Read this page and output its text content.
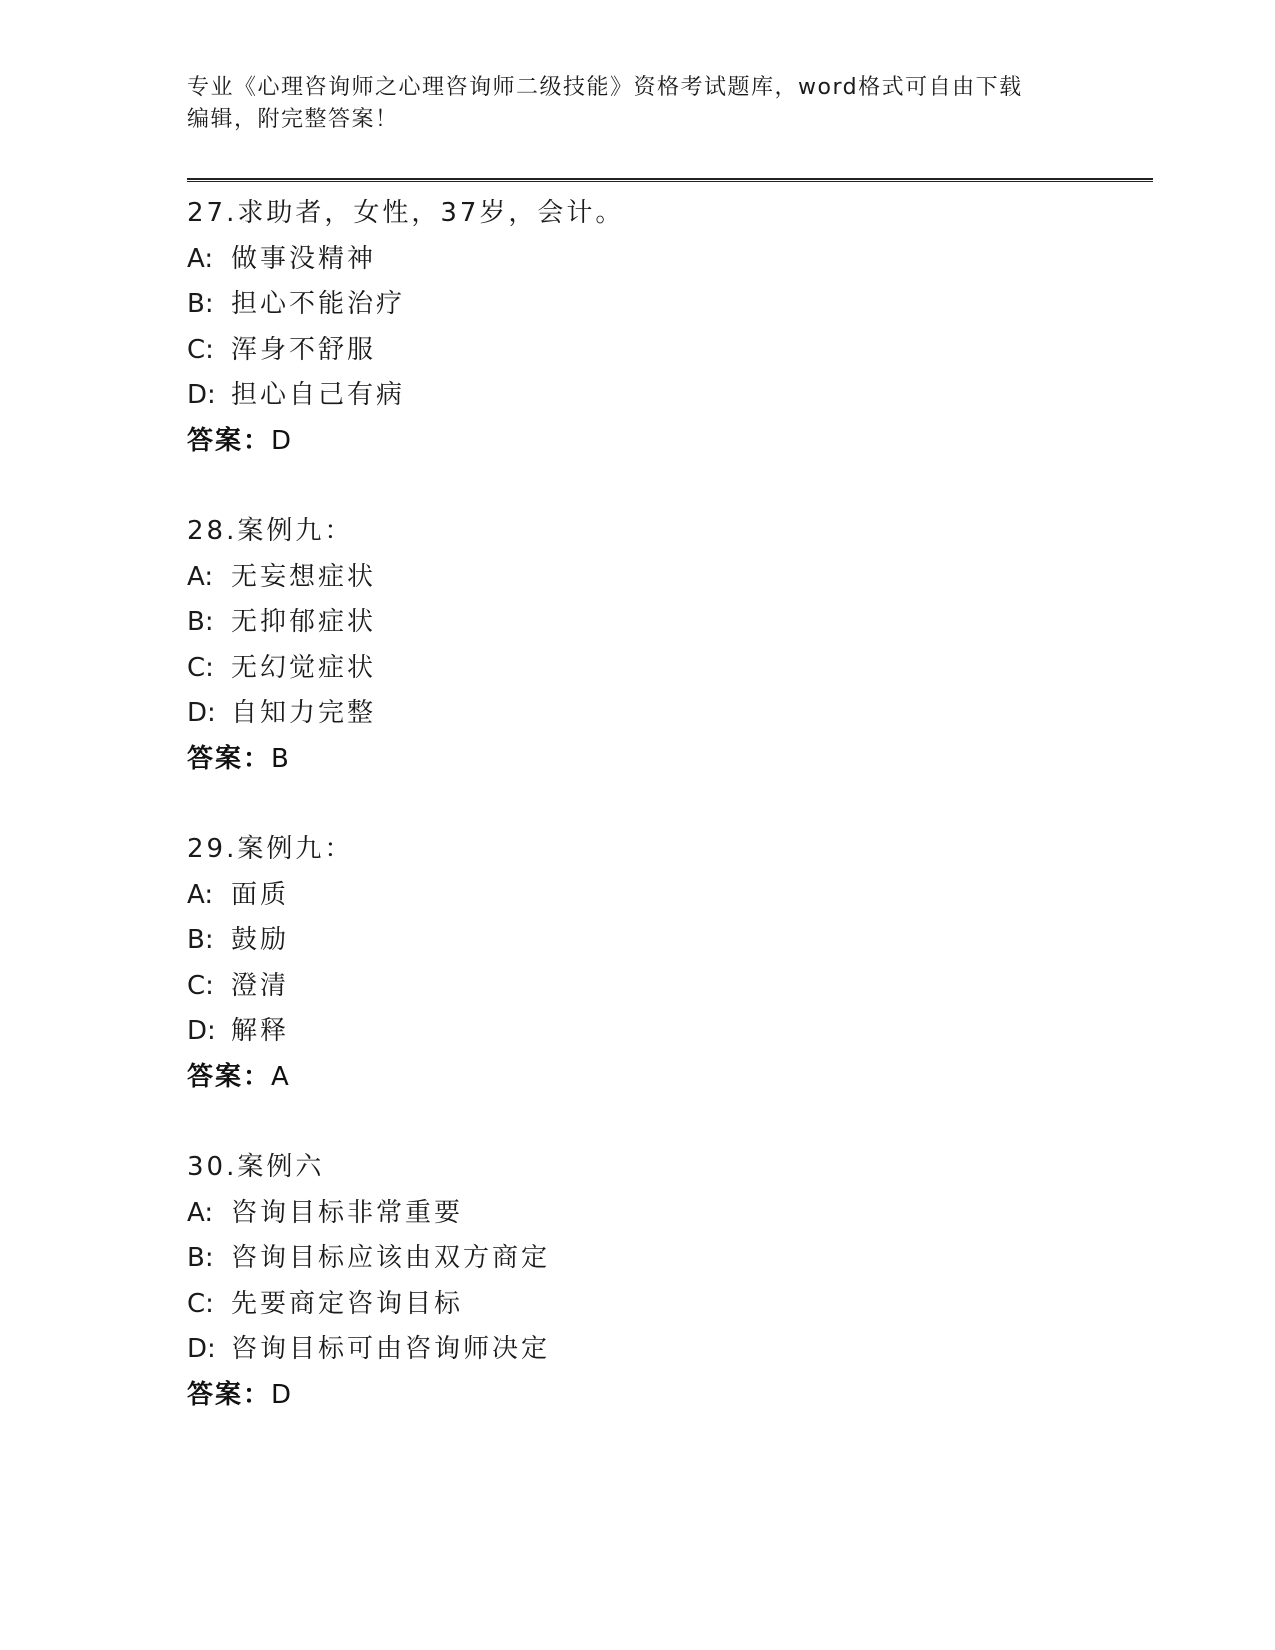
专业《心理咨询师之心理咨询师二级技能》资格考试题库，word格式可自由下载
编辑，附完整答案！
27.求助者，女性，37岁，会计。
A: 做事没精神
B: 担心不能治疗
C: 浑身不舒服
D: 担心自己有病
答案：D
28.案例九：
A: 无妄想症状
B: 无抑郁症状
C: 无幻觉症状
D: 自知力完整
答案：B
29.案例九：
A: 面质
B: 鼓励
C: 澄清
D: 解释
答案：A
30.案例六
A: 咨询目标非常重要
B: 咨询目标应该由双方商定
C: 先要商定咨询目标
D: 咨询目标可由咨询师决定
答案：D
